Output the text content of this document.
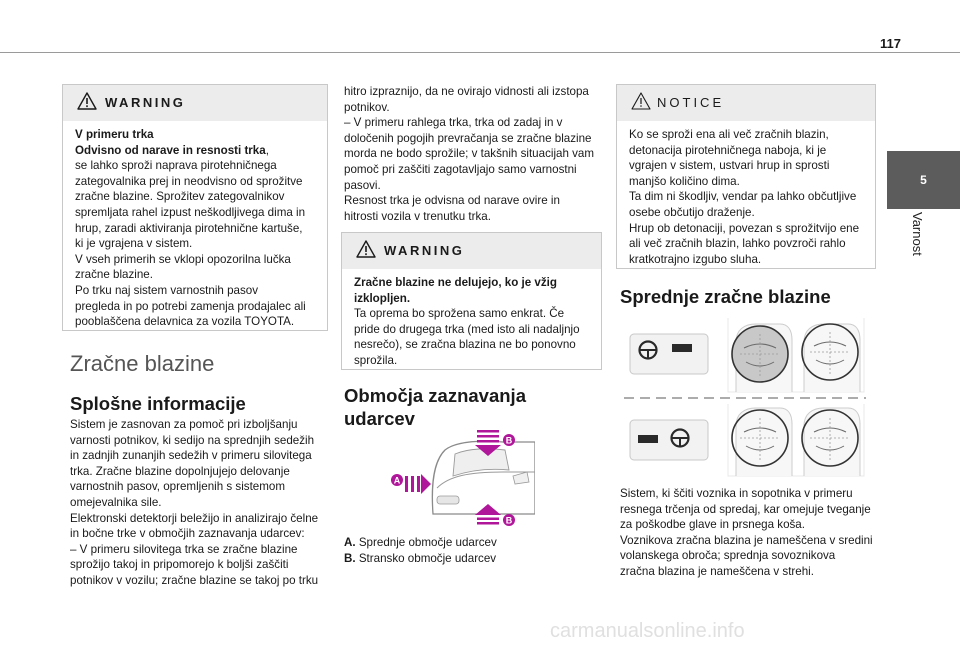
117
5
Varnost
WARNING
V primeru trka
Odvisno od narave in resnosti trka,
se lahko sproži naprava pirotehničnega
zategovalnika prej in neodvisno od sprožitve
zračne blazine. Sprožitev zategovalnikov
spremljata rahel izpust neškodljivega dima in
hrup, zaradi aktiviranja pirotehnične kartuše,
ki je vgrajena v sistem.
V vseh primerih se vklopi opozorilna lučka
zračne blazine.
Po trku naj sistem varnostnih pasov
pregleda in po potrebi zamenja prodajalec ali
pooblaščena delavnica za vozila TOYOTA.
Zračne blazine
Splošne informacije
Sistem je zasnovan za pomoč pri izboljšanju
varnosti potnikov, ki sedijo na sprednjih sedežih
in zadnjih zunanjih sedežih v primeru silovitega
trka. Zračne blazine dopolnjujejo delovanje
varnostnih pasov, opremljenih s sistemom
omejevalnika sile.
Elektronski detektorji beležijo in analizirajo čelne
in bočne trke v območjih zaznavanja udarcev:
– V primeru silovitega trka se zračne blazine
sprožijo takoj in pripomorejo k boljši zaščiti
potnikov v vozilu; zračne blazine se takoj po trku
hitro izpraznijo, da ne ovirajo vidnosti ali izstopa
potnikov.
– V primeru rahlega trka, trka od zadaj in v
določenih pogojih prevračanja se zračne blazine
morda ne bodo sprožile; v takšnih situacijah vam
pomoč pri zaščiti zagotavljajo samo varnostni
pasovi.
Resnost trka je odvisna od narave ovire in
hitrosti vozila v trenutku trka.
WARNING
Zračne blazine ne delujejo, ko je vžig
izklopljen.
Ta oprema bo sprožena samo enkrat. Če
pride do drugega trka (med isto ali nadaljnjo
nesrečo), se zračna blazina ne bo ponovno
sprožila.
Območja zaznavanja
udarcev
A
B
B
A. Sprednje območje udarcev
B. Stransko območje udarcev
NOTICE
Ko se sproži ena ali več zračnih blazin,
detonacija pirotehničnega naboja, ki je
vgrajen v sistem, ustvari hrup in sprosti
manjšo količino dima.
Ta dim ni škodljiv, vendar pa lahko občutljive
osebe občutijo draženje.
Hrup ob detonaciji, povezan s sprožitvijo ene
ali več zračnih blazin, lahko povzroči rahlo
kratkotrajno izgubo sluha.
Sprednje zračne blazine
Sistem, ki ščiti voznika in sopotnika v primeru
resnega trčenja od spredaj, kar omejuje tveganje
za poškodbe glave in prsnega koša.
Voznikova zračna blazina je nameščena v sredini
volanskega obroča; sprednja sovoznikova
zračna blazina je nameščena v strehi.
carmanualsonline.info
